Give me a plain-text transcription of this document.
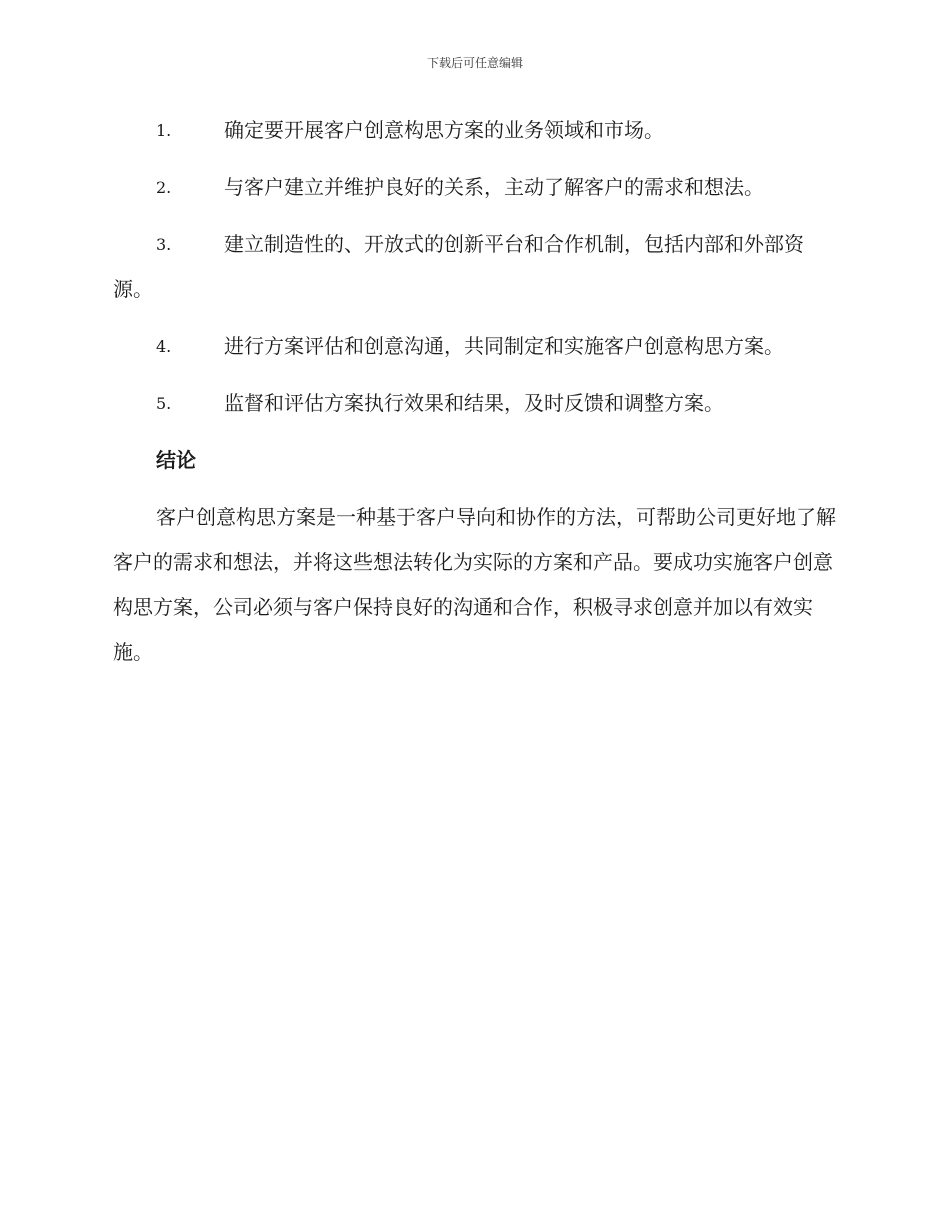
下载后可任意编辑
1.	确定要开展客户创意构思方案的业务领域和市场。
2.	与客户建立并维护良好的关系，主动了解客户的需求和想法。
3.	建立制造性的、开放式的创新平台和合作机制，包括内部和外部资源。
4.	进行方案评估和创意沟通，共同制定和实施客户创意构思方案。
5.	监督和评估方案执行效果和结果，及时反馈和调整方案。
结论

客户创意构思方案是一种基于客户导向和协作的方法，可帮助公司更好地了解客户的需求和想法，并将这些想法转化为实际的方案和产品。要成功实施客户创意构思方案，公司必须与客户保持良好的沟通和合作，积极寻求创意并加以有效实施。
